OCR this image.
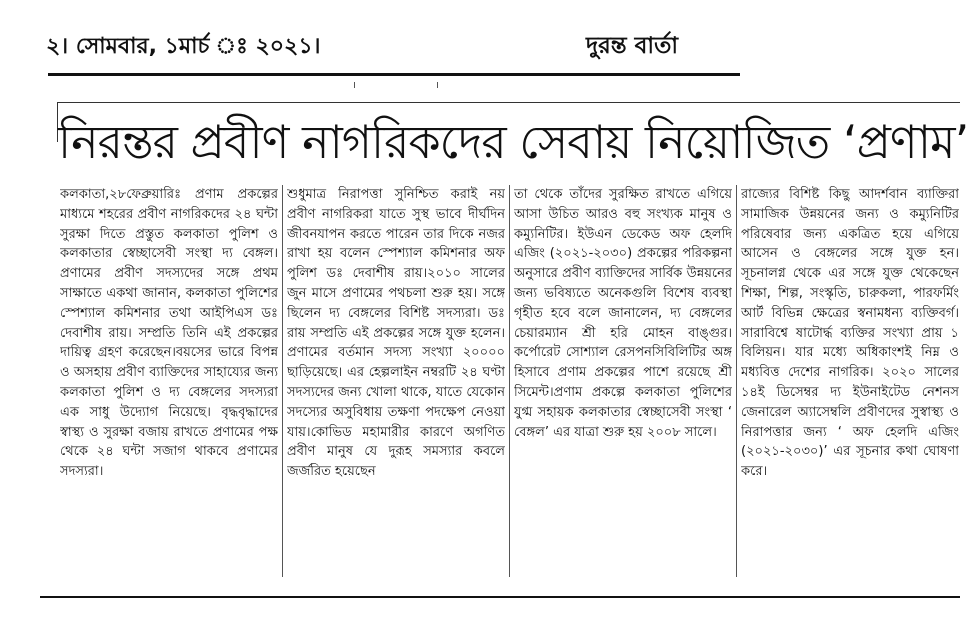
২। সোমবার, ১মার্চ ঃ ২০২১।	দুরন্ত বার্তা
নিরন্তর প্রবীণ নাগরিকদের সেবায় নিয়োজিত ‘প্রণাম’
কলকাতা,২৮ফেব্রুয়ারিঃ প্রণাম প্রকল্পের মাধ্যমে শহরের প্রবীণ নাগরিকদের ২৪ ঘন্টা সুরক্ষা দিতে প্রস্তুত কলকাতা পুলিশ ও কলকাতার স্বেচ্ছাসেবী সংস্থা দ্য বেঙ্গল। প্রণামের প্রবীণ সদস্যদের সঙ্গে প্রথম সাক্ষাতে একথা জানান, কলকাতা পুলিশের স্পেশ্যাল কমিশনার তথা আইপিএস ডঃ দেবাশীষ রায়। সম্প্রতি তিনি এই প্রকল্পের দায়িত্ব গ্রহণ করেছেন।বয়সের ভারে বিপন্ন ও অসহায় প্রবীণ ব্যাক্তিদের সাহায্যের জন্য কলকাতা পুলিশ ও দ্য বেঙ্গলের সদস্যরা এক সাধু উদ্যোগ নিয়েছে। বৃদ্ধবৃদ্ধাদের স্বাস্থ্য ও সুরক্ষা বজায় রাখতে প্রণামের পক্ষ থেকে ২৪ ঘন্টা সজাগ থাকবে প্রণামের সদস্যরা।
শুধুমাত্র নিরাপত্তা সুনিশ্চিত করাই নয় প্রবীণ নাগরিকরা যাতে সুস্থ ভাবে দীর্ঘদিন জীবনযাপন করতে পারেন তার দিকে নজর রাখা হয় বলেন স্পেশ্যাল কমিশনার অফ পুলিশ ডঃ দেবাশীষ রায়।২০১০ সালের জুন মাসে প্রণামের পথচলা শুরু হয়। সঙ্গে ছিলেন দ্য বেঙ্গলের বিশিষ্ট সদস্যরা। ডঃ রায় সম্প্রতি এই প্রকল্পের সঙ্গে যুক্ত হলেন। প্রণামের বর্তমান সদস্য সংখ্যা ২০০০০ ছাড়িয়েছে। এর হেল্পলাইন নম্বরটি ২৪ ঘণ্টা সদস্যদের জন্য খোলা থাকে, যাতে যেকোন সদস্যের অসুবিধায় তক্ষণা পদক্ষেপ নেওয়া যায়।কোভিড মহামারীর কারণে অগণিত প্রবীণ মানুষ যে দুরূহ সমস্যার কবলে জর্জরিত হয়েছেন
তা থেকে তাঁদের সুরক্ষিত রাখতে এগিয়ে আসা উচিত আরও বহু সংখ্যক মানুষ ও কম্যুনিটির। ইউএন ডেকেড অফ হেলদি এজিং (২০২১-২০৩০) প্রকল্পের পরিকল্পনা অনুসারে প্রবীণ ব্যাক্তিদের সার্বিক উন্নয়নের জন্য ভবিষ্যতে অনেকগুলি বিশেষ ব্যবস্থা গৃহীত হবে বলে জানালেন, দ্য বেঙ্গলের চেয়ারম্যান শ্রী হরি মোহন বাঙ্গুর। কর্পোরেট সোশ্যাল রেসপনসিবিলিটির অঙ্গ হিসাবে প্রণাম প্রকল্পের পাশে রয়েছে শ্রী সিমেন্ট।প্রণাম প্রকল্পে কলকাতা পুলিশের যুগ্ম সহায়ক কলকাতার স্বেচ্ছাসেবী সংস্থা ‘ বেঙ্গল’ এর যাত্রা শুরু হয় ২০০৮ সালে।
রাজ্যের বিশিষ্ট কিছু আদর্শবান ব্যাক্তিরা সামাজিক উন্নয়নের জন্য ও কম্যুনিটির পরিষেবার জন্য একত্রিত হয়ে এগিয়ে আসেন ও বেঙ্গলের সঙ্গে যুক্ত হন। সূচনালগ্ন থেকে এর সঙ্গে যুক্ত থেকেছেন শিক্ষা, শিল্প, সংস্কৃতি, চারুকলা, পারফর্মিং আর্ট বিভিন্ন ক্ষেত্রের স্বনামধন্য ব্যক্তিবর্গ। সারাবিশ্বে ষাটোর্দ্ধ ব্যক্তির সংখ্যা প্রায় ১ বিলিয়ন। যার মধ্যে অধিকাংশই নিম্ন ও মধ্যবিত্ত দেশের নাগরিক। ২০২০ সালের ১৪ই ডিসেম্বর দ্য ইউনাইটেড নেশনস জেনারেল অ্যাসেম্বলি প্রবীণদের সুস্বাস্থ্য ও নিরাপত্তার জন্য ‘ অফ হেলদি এজিং (২০২১-২০৩০)’ এর সূচনার কথা ঘোষণা করে।
